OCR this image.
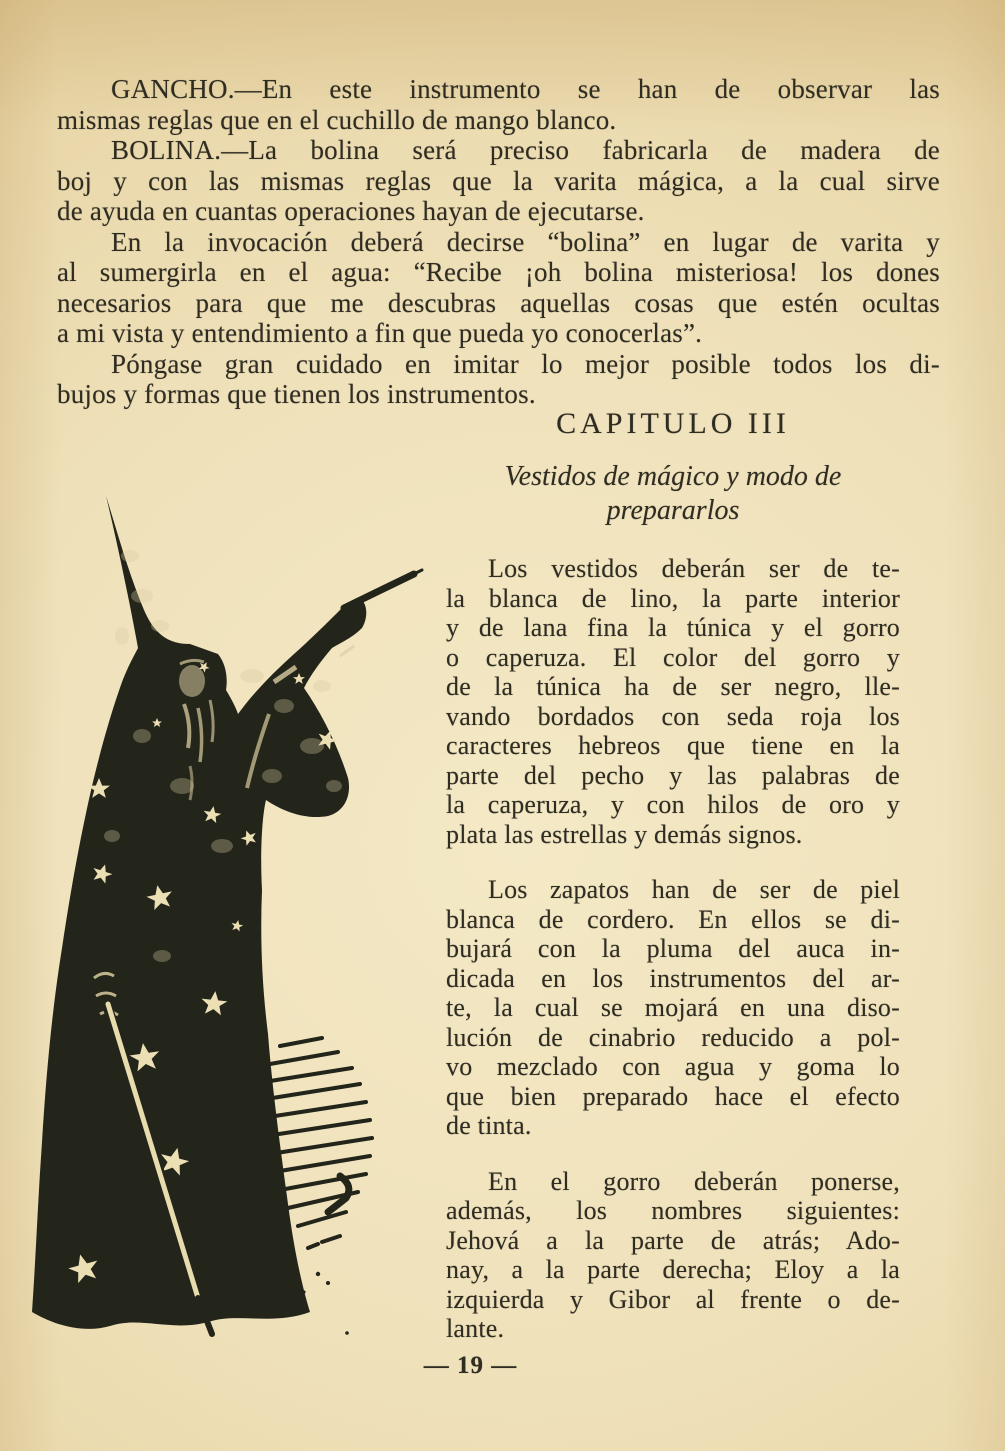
GANCHO.—En este instrumento se han de observar las
mismas reglas que en el cuchillo de mango blanco.
BOLINA.—La bolina será preciso fabricarla de madera de
boj y con las mismas reglas que la varita mágica, a la cual sirve
de ayuda en cuantas operaciones hayan de ejecutarse.
En la invocación deberá decirse “bolina” en lugar de varita y
al sumergirla en el agua: “Recibe ¡oh bolina misteriosa! los dones
necesarios para que me descubras aquellas cosas que estén ocultas
a mi vista y entendimiento a fin que pueda yo conocerlas”.
Póngase gran cuidado en imitar lo mejor posible todos los di-
bujos y formas que tienen los instrumentos.
CAPITULO III
Vestidos de mágico y modo de
prepararlos
Los vestidos deberán ser de te-
la blanca de lino, la parte interior
y de lana fina la túnica y el gorro
o caperuza. El color del gorro y
de la túnica ha de ser negro, lle-
vando bordados con seda roja los
caracteres hebreos que tiene en la
parte del pecho y las palabras de
la caperuza, y con hilos de oro y
plata las estrellas y demás signos.
Los zapatos han de ser de piel
blanca de cordero. En ellos se di-
bujará con la pluma del auca in-
dicada en los instrumentos del ar-
te, la cual se mojará en una diso-
lución de cinabrio reducido a pol-
vo mezclado con agua y goma lo
que bien preparado hace el efecto
de tinta.
En el gorro deberán ponerse,
además, los nombres siguientes:
Jehová a la parte de atrás; Ado-
nay, a la parte derecha; Eloy a la
izquierda y Gibor al frente o de-
lante.
— 19 —
